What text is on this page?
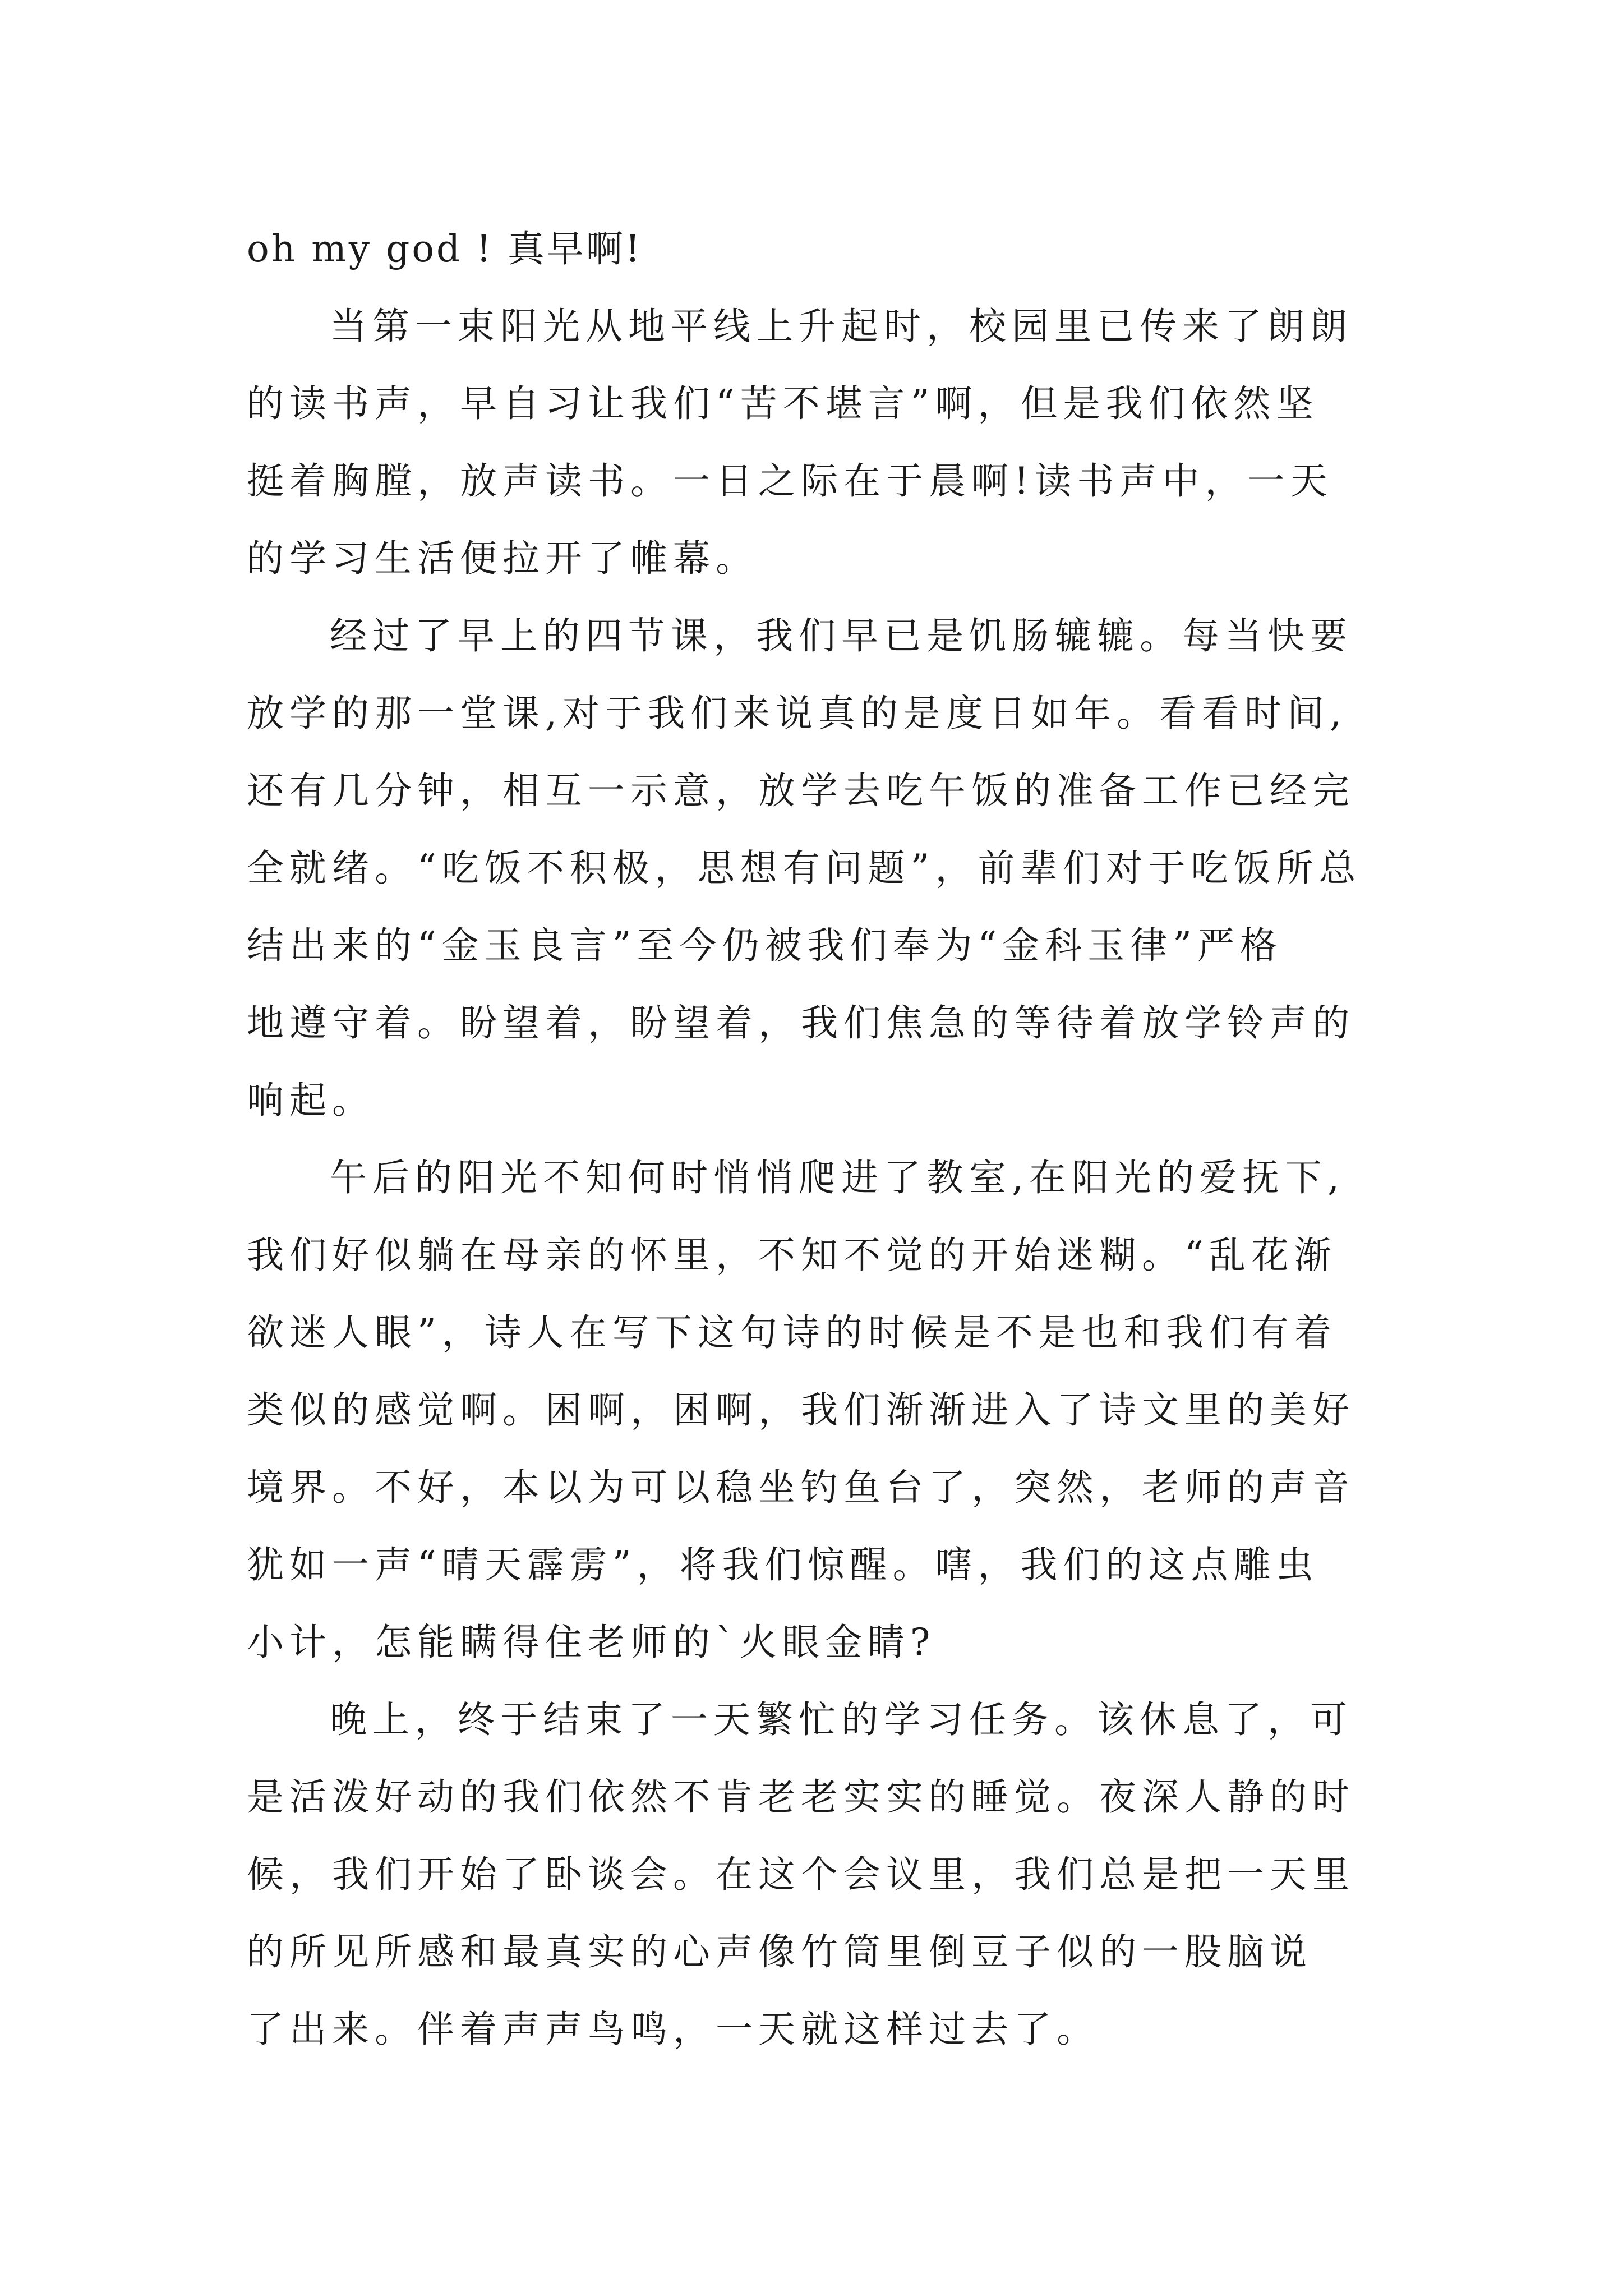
oh my god ! 真早啊!
当第一束阳光从地平线上升起时，校园里已传来了朗朗
的读书声，早自习让我们“苦不堪言”啊，但是我们依然坚
挺着胸膛，放声读书。一日之际在于晨啊!读书声中，一天
的学习生活便拉开了帷幕。
经过了早上的四节课，我们早已是饥肠辘辘。每当快要
放学的那一堂课,对于我们来说真的是度日如年。看看时间,
还有几分钟，相互一示意，放学去吃午饭的准备工作已经完
全就绪。“吃饭不积极，思想有问题”，前辈们对于吃饭所总
结出来的“金玉良言”至今仍被我们奉为“金科玉律”严格
地遵守着。盼望着，盼望着，我们焦急的等待着放学铃声的
响起。
午后的阳光不知何时悄悄爬进了教室,在阳光的爱抚下,
我们好似躺在母亲的怀里，不知不觉的开始迷糊。“乱花渐
欲迷人眼”，诗人在写下这句诗的时候是不是也和我们有着
类似的感觉啊。困啊，困啊，我们渐渐进入了诗文里的美好
境界。不好，本以为可以稳坐钓鱼台了，突然，老师的声音
犹如一声“晴天霹雳”，将我们惊醒。嗐，我们的这点雕虫
小计，怎能瞒得住老师的`火眼金睛?
晚上，终于结束了一天繁忙的学习任务。该休息了，可
是活泼好动的我们依然不肯老老实实的睡觉。夜深人静的时
候，我们开始了卧谈会。在这个会议里，我们总是把一天里
的所见所感和最真实的心声像竹筒里倒豆子似的一股脑说
了出来。伴着声声鸟鸣，一天就这样过去了。
